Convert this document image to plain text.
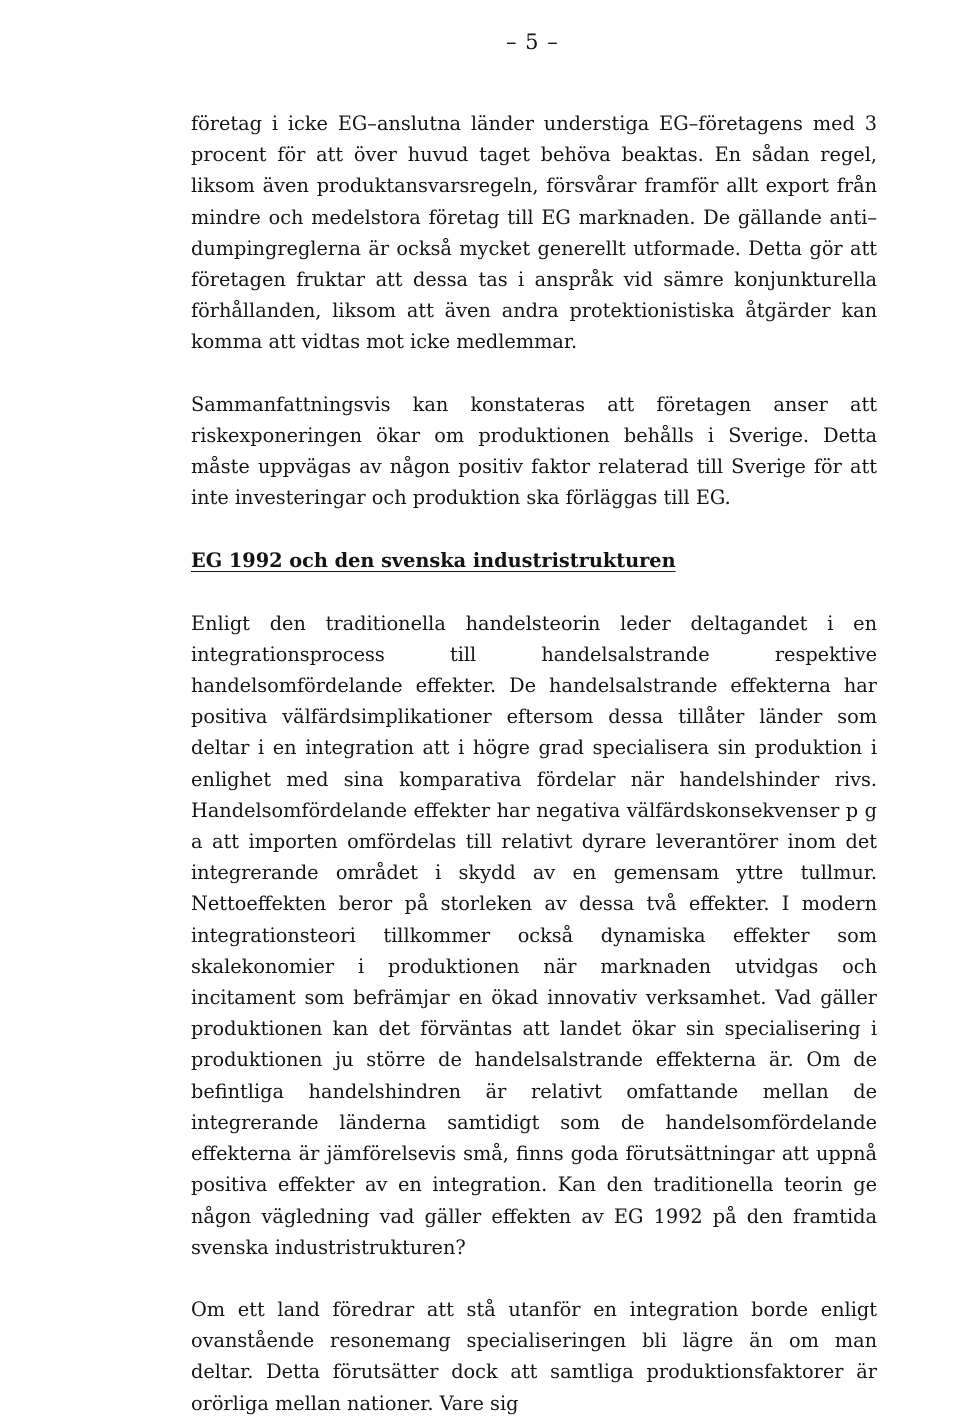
– 5 –

företag i icke EG–anslutna länder understiga EG–företagens med 3 procent för att över huvud taget behöva beaktas. En sådan regel, liksom även produktansvarsregeln, försvårar framför allt export från mindre och medelstora företag till EG marknaden. De gällande anti–dumpingreglerna är också mycket generellt utformade. Detta gör att företagen fruktar att dessa tas i anspråk vid sämre konjunkturella förhållanden, liksom att även andra protektionistiska åtgärder kan komma att vidtas mot icke medlemmar.

Sammanfattningsvis kan konstateras att företagen anser att riskexponeringen ökar om produktionen behålls i Sverige. Detta måste uppvägas av någon positiv faktor relaterad till Sverige för att inte investeringar och produktion ska förläggas till EG.

EG 1992 och den svenska industristrukturen

Enligt den traditionella handelsteorin leder deltagandet i en integrationsprocess till handelsalstrande respektive handelsomfördelande effekter. De handelsalstrande effekterna har positiva välfärdsimplikationer eftersom dessa tillåter länder som deltar i en integration att i högre grad specialisera sin produktion i enlighet med sina komparativa fördelar när handelshinder rivs. Handelsomfördelande effekter har negativa välfärdskonsekvenser p g a att importen omfördelas till relativt dyrare leverantörer inom det integrerande området i skydd av en gemensam yttre tullmur. Nettoeffekten beror på storleken av dessa två effekter. I modern integrationsteori tillkommer också dynamiska effekter som skalekonomier i produktionen när marknaden utvidgas och incitament som befrämjar en ökad innovativ verksamhet. Vad gäller produktionen kan det förväntas att landet ökar sin specialisering i produktionen ju större de handelsalstrande effekterna är. Om de befintliga handelshindren är relativt omfattande mellan de integrerande länderna samtidigt som de handelsomfördelande effekterna är jämförelsevis små, finns goda förutsättningar att uppnå positiva effekter av en integration. Kan den traditionella teorin ge någon vägledning vad gäller effekten av EG 1992 på den framtida svenska industristrukturen?

Om ett land föredrar att stå utanför en integration borde enligt ovanstående resonemang specialiseringen bli lägre än om man deltar. Detta förutsätter dock att samtliga produktionsfaktorer är orörliga mellan nationer. Vare sig
